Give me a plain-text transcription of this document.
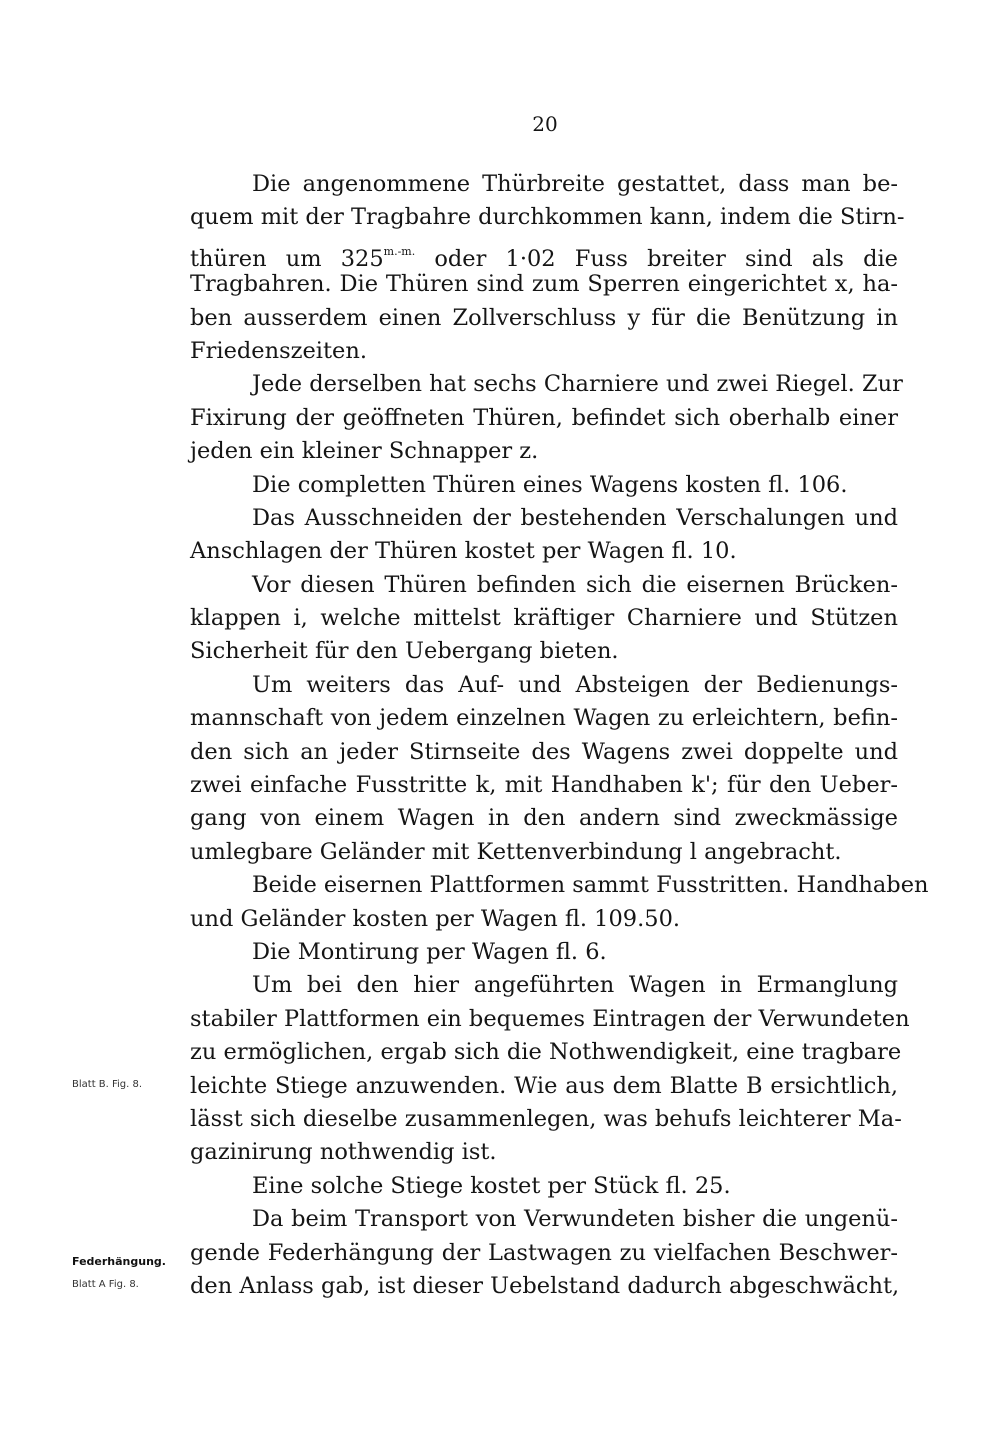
20
Die angenommene Thürbreite gestattet, dass man be-
quem mit der Tragbahre durchkommen kann, indem die Stirn-
thüren um $325^{m.-m.}$ oder 1·02 Fuss breiter sind als die
Tragbahren. Die Thüren sind zum Sperren eingerichtet x, ha-
ben ausserdem einen Zollverschluss y für die Benützung in
Friedenszeiten.
Jede derselben hat sechs Charniere und zwei Riegel. Zur
Fixirung der geöffneten Thüren, befindet sich oberhalb einer
jeden ein kleiner Schnapper z.
Die completten Thüren eines Wagens kosten fl. 106.
Das Ausschneiden der bestehenden Verschalungen und
Anschlagen der Thüren kostet per Wagen fl. 10.
Vor diesen Thüren befinden sich die eisernen Brücken-
klappen i, welche mittelst kräftiger Charniere und Stützen
Sicherheit für den Uebergang bieten.
Um weiters das Auf- und Absteigen der Bedienungs-
mannschaft von jedem einzelnen Wagen zu erleichtern, befin-
den sich an jeder Stirnseite des Wagens zwei doppelte und
zwei einfache Fusstritte k, mit Handhaben k'; für den Ueber-
gang von einem Wagen in den andern sind zweckmässige
umlegbare Geländer mit Kettenverbindung l angebracht.
Beide eisernen Plattformen sammt Fusstritten. Handhaben
und Geländer kosten per Wagen fl. 109.50.
Die Montirung per Wagen fl. 6.
Um bei den hier angeführten Wagen in Ermanglung
stabiler Plattformen ein bequemes Eintragen der Verwundeten
zu ermöglichen, ergab sich die Nothwendigkeit, eine tragbare
leichte Stiege anzuwenden. Wie aus dem Blatte B ersichtlich,
lässt sich dieselbe zusammenlegen, was behufs leichterer Ma-
gazinirung nothwendig ist.
Eine solche Stiege kostet per Stück fl. 25.
Da beim Transport von Verwundeten bisher die ungenü-
gende Federhängung der Lastwagen zu vielfachen Beschwer-
den Anlass gab, ist dieser Uebelstand dadurch abgeschwächt,
Blatt B. Fig. 8.
Federhängung.
Blatt A Fig. 8.
